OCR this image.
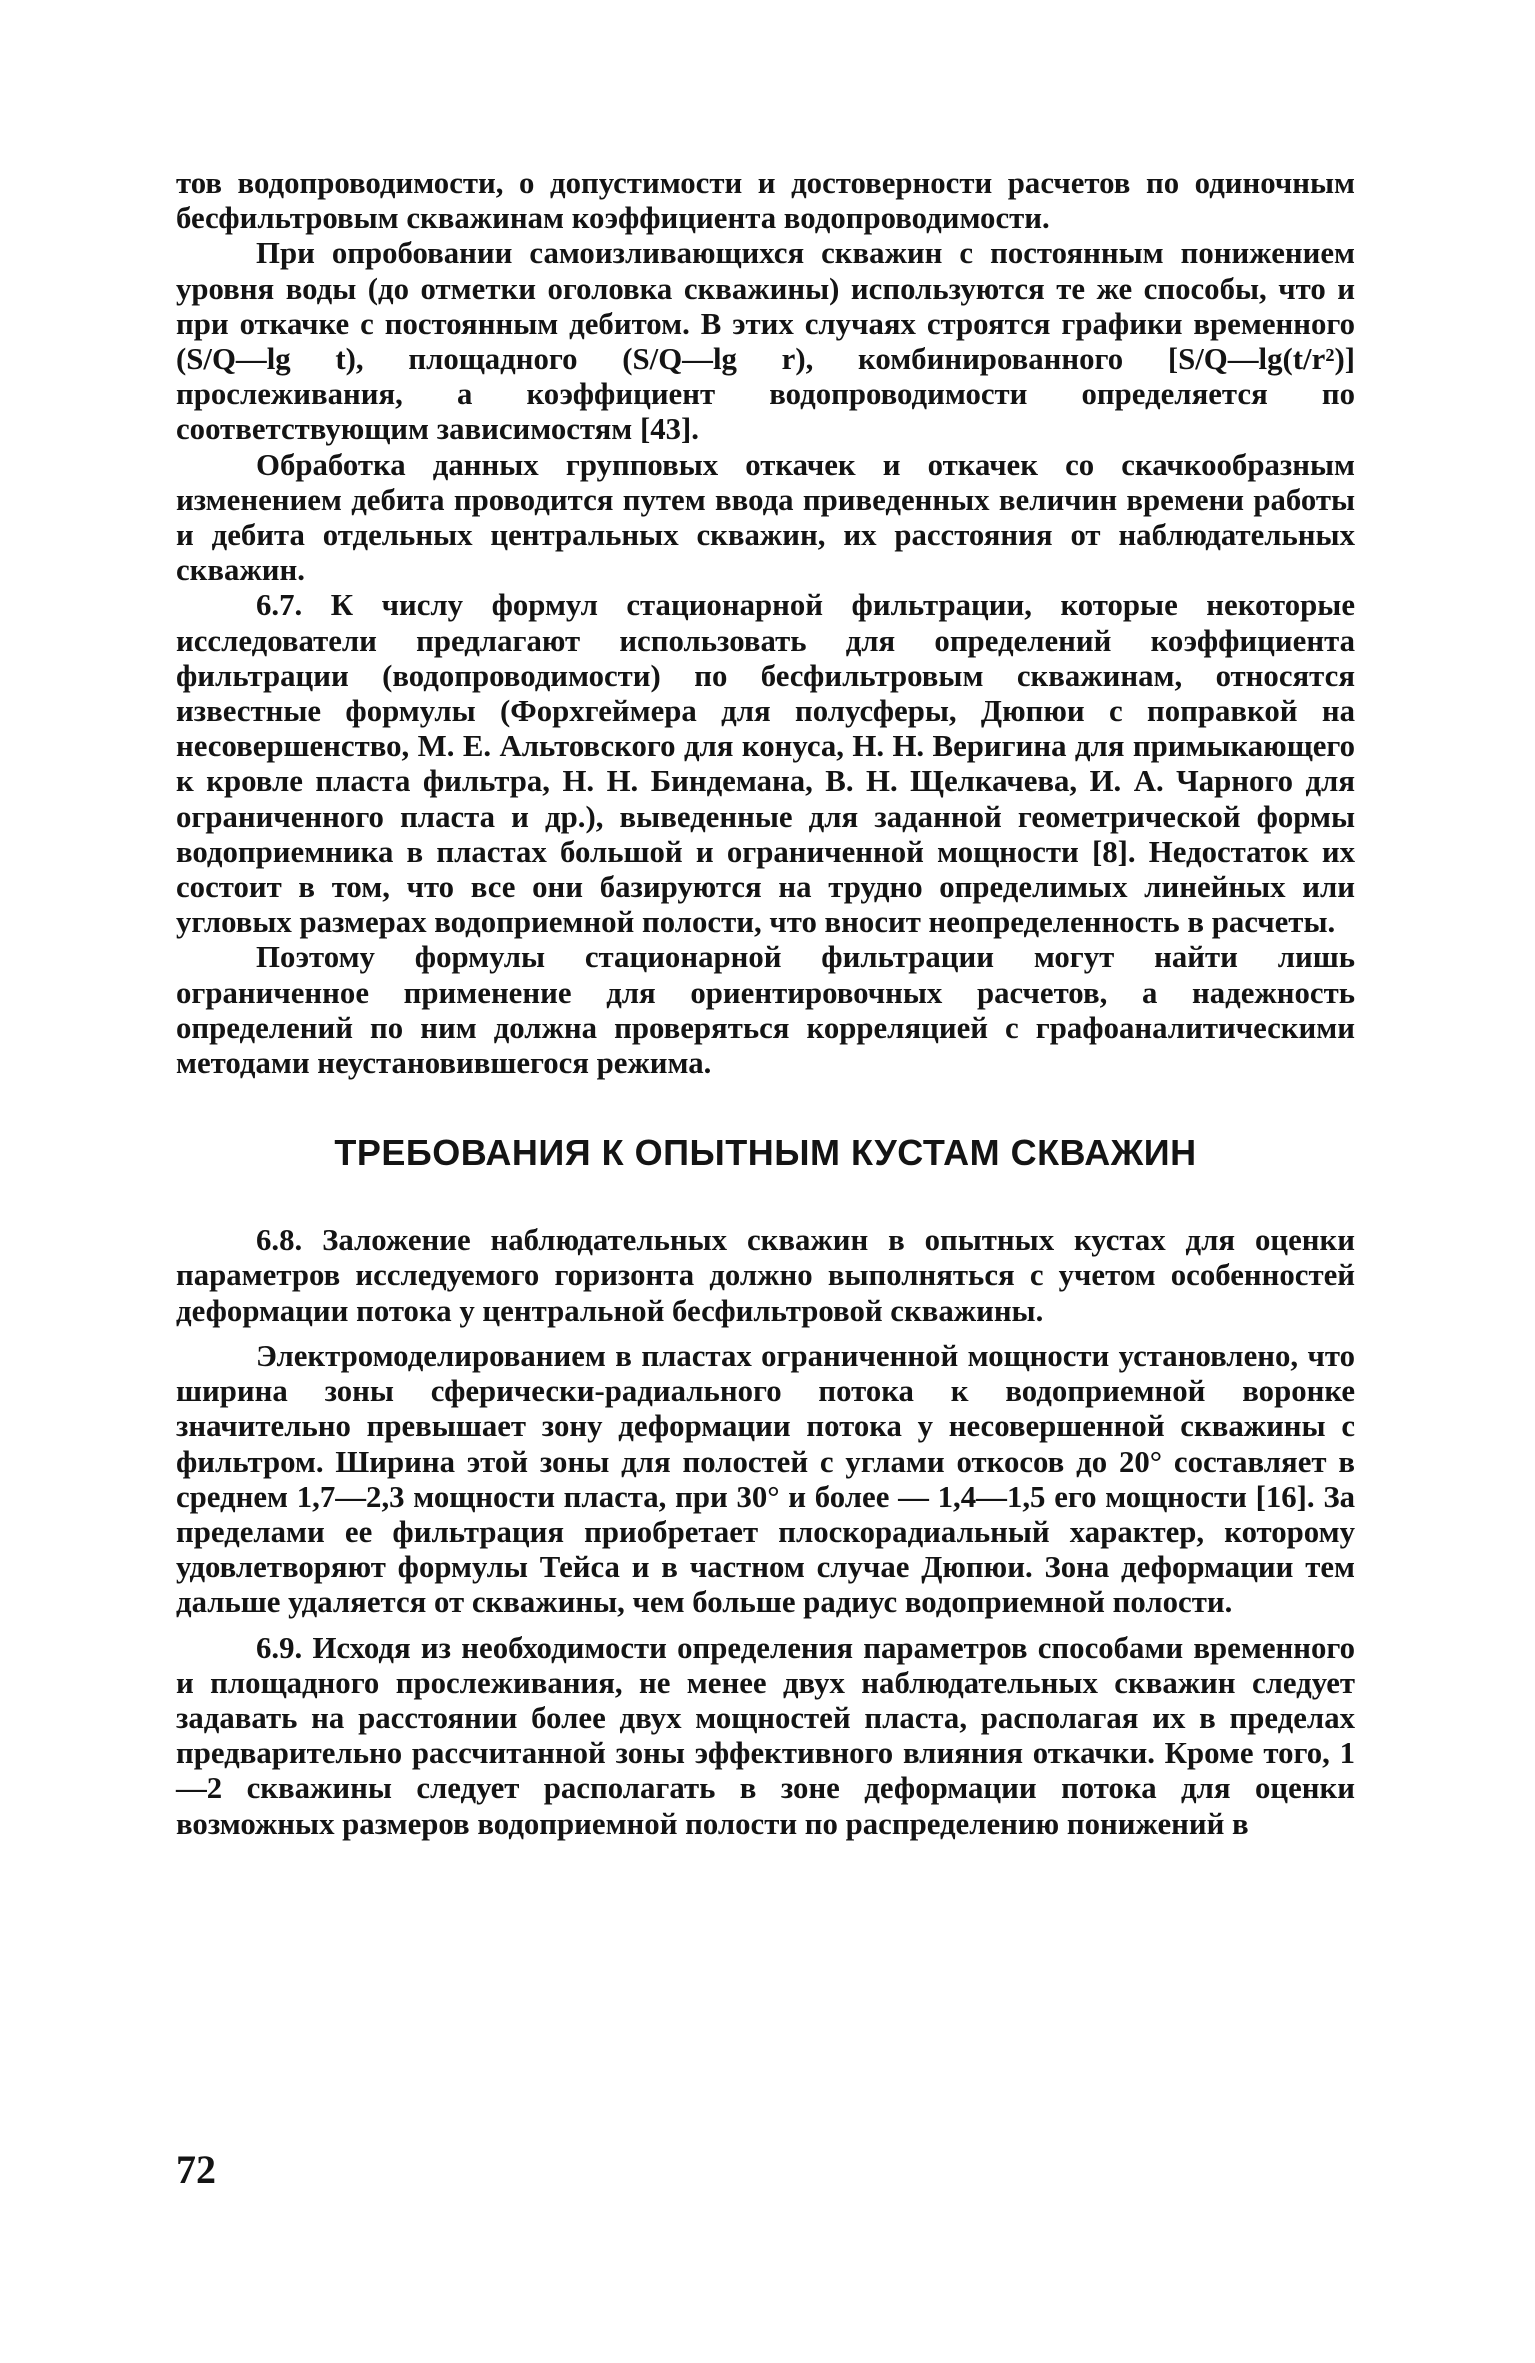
тов водопроводимости, о допустимости и достоверности расчетов по одиночным бесфильтровым скважинам коэффициента водопроводимости.

При опробовании самоизливающихся скважин с постоянным понижением уровня воды (до отметки оголовка скважины) используются те же способы, что и при откачке с постоянным дебитом. В этих случаях строятся графики временного (S/Q—lg t), площадного (S/Q—lg r), комбинированного [S/Q—lg(t/r²)] прослеживания, а коэффициент водопроводимости определяется по соответствующим зависимостям [43].

Обработка данных групповых откачек и откачек со скачкообразным изменением дебита проводится путем ввода приведенных величин времени работы и дебита отдельных центральных скважин, их расстояния от наблюдательных скважин.

6.7. К числу формул стационарной фильтрации, которые некоторые исследователи предлагают использовать для определений коэффициента фильтрации (водопроводимости) по бесфильтровым скважинам, относятся известные формулы (Форхгеймера для полусферы, Дюпюи с поправкой на несовершенство, М. Е. Альтовского для конуса, Н. Н. Веригина для примыкающего к кровле пласта фильтра, Н. Н. Биндемана, В. Н. Щелкачева, И. А. Чарного для ограниченного пласта и др.), выведенные для заданной геометрической формы водоприемника в пластах большой и ограниченной мощности [8]. Недостаток их состоит в том, что все они базируются на трудно определимых линейных или угловых размерах водоприемной полости, что вносит неопределенность в расчеты.

Поэтому формулы стационарной фильтрации могут найти лишь ограниченное применение для ориентировочных расчетов, а надежность определений по ним должна проверяться корреляцией с графоаналитическими методами неустановившегося режима.

ТРЕБОВАНИЯ К ОПЫТНЫМ КУСТАМ СКВАЖИН

6.8. Заложение наблюдательных скважин в опытных кустах для оценки параметров исследуемого горизонта должно выполняться с учетом особенностей деформации потока у центральной бесфильтровой скважины.

Электромоделированием в пластах ограниченной мощности установлено, что ширина зоны сферически-радиального потока к водоприемной воронке значительно превышает зону деформации потока у несовершенной скважины с фильтром. Ширина этой зоны для полостей с углами откосов до 20° составляет в среднем 1,7—2,3 мощности пласта, при 30° и более — 1,4—1,5 его мощности [16]. За пределами ее фильтрация приобретает плоскорадиальный характер, которому удовлетворяют формулы Тейса и в частном случае Дюпюи. Зона деформации тем дальше удаляется от скважины, чем больше радиус водоприемной полости.

6.9. Исходя из необходимости определения параметров способами временного и площадного прослеживания, не менее двух наблюдательных скважин следует задавать на расстоянии более двух мощностей пласта, располагая их в пределах предварительно рассчитанной зоны эффективного влияния откачки. Кроме того, 1—2 скважины следует располагать в зоне деформации потока для оценки возможных размеров водоприемной полости по распределению понижений в

72
